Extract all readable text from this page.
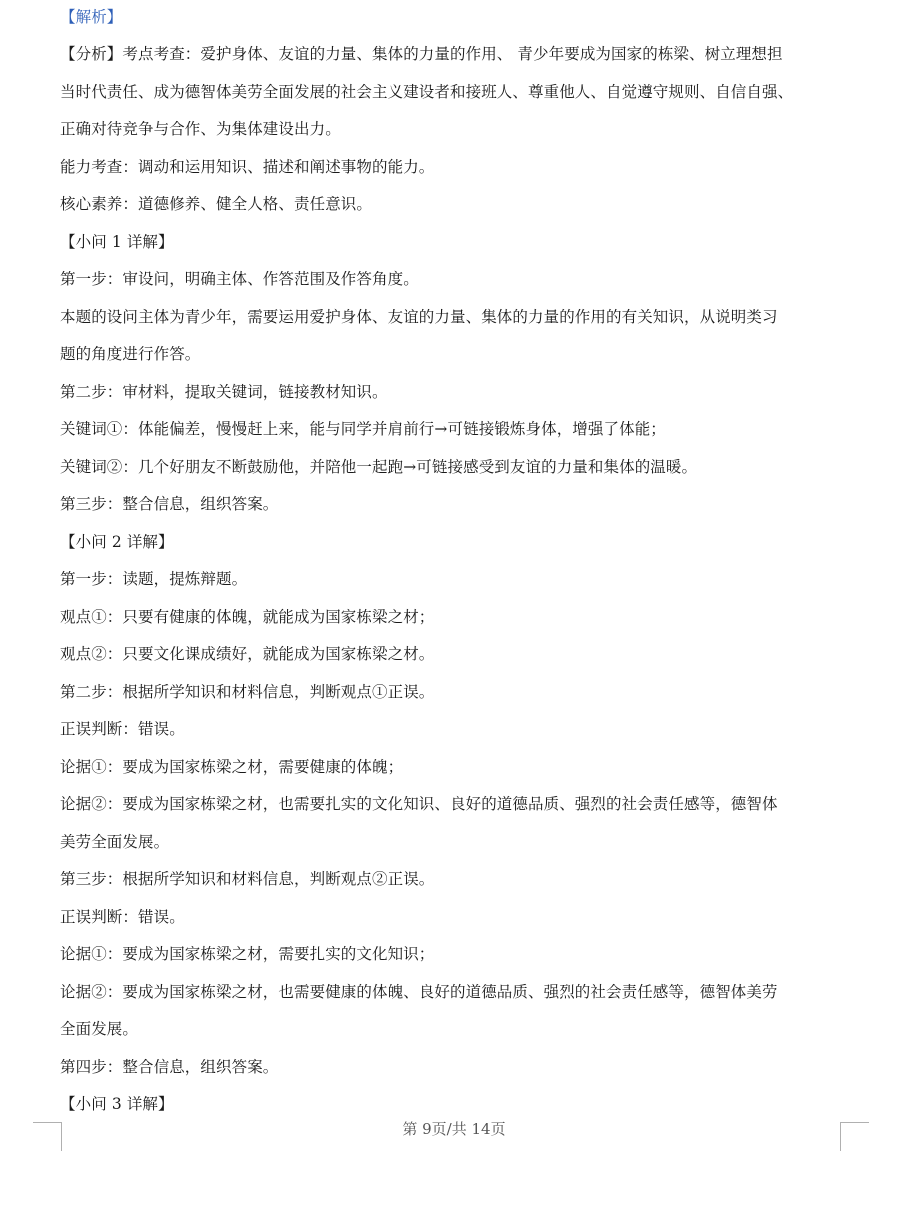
【解析】
【分析】考点考查：爱护身体、友谊的力量、集体的力量的作用、 青少年要成为国家的栋梁、树立理想担
当时代责任、成为德智体美劳全面发展的社会主义建设者和接班人、尊重他人、自觉遵守规则、自信自强、
正确对待竞争与合作、为集体建设出力。
能力考查：调动和运用知识、描述和阐述事物的能力。
核心素养：道德修养、健全人格、责任意识。
【小问 1 详解】
第一步：审设问，明确主体、作答范围及作答角度。
本题的设问主体为青少年，需要运用爱护身体、友谊的力量、集体的力量的作用的有关知识，从说明类习
题的角度进行作答。
第二步：审材料，提取关键词，链接教材知识。
关键词①：体能偏差，慢慢赶上来，能与同学并肩前行→可链接锻炼身体，增强了体能；
关键词②：几个好朋友不断鼓励他，并陪他一起跑→可链接感受到友谊的力量和集体的温暖。
第三步：整合信息，组织答案。
【小问 2 详解】
第一步：读题，提炼辩题。
观点①：只要有健康的体魄，就能成为国家栋梁之材；
观点②：只要文化课成绩好，就能成为国家栋梁之材。
第二步：根据所学知识和材料信息，判断观点①正误。
正误判断：错误。
论据①：要成为国家栋梁之材，需要健康的体魄；
论据②：要成为国家栋梁之材，也需要扎实的文化知识、良好的道德品质、强烈的社会责任感等，德智体
美劳全面发展。
第三步：根据所学知识和材料信息，判断观点②正误。
正误判断：错误。
论据①：要成为国家栋梁之材，需要扎实的文化知识；
论据②：要成为国家栋梁之材，也需要健康的体魄、良好的道德品质、强烈的社会责任感等，德智体美劳
全面发展。
第四步：整合信息，组织答案。
【小问 3 详解】
第 9页/共 14页
